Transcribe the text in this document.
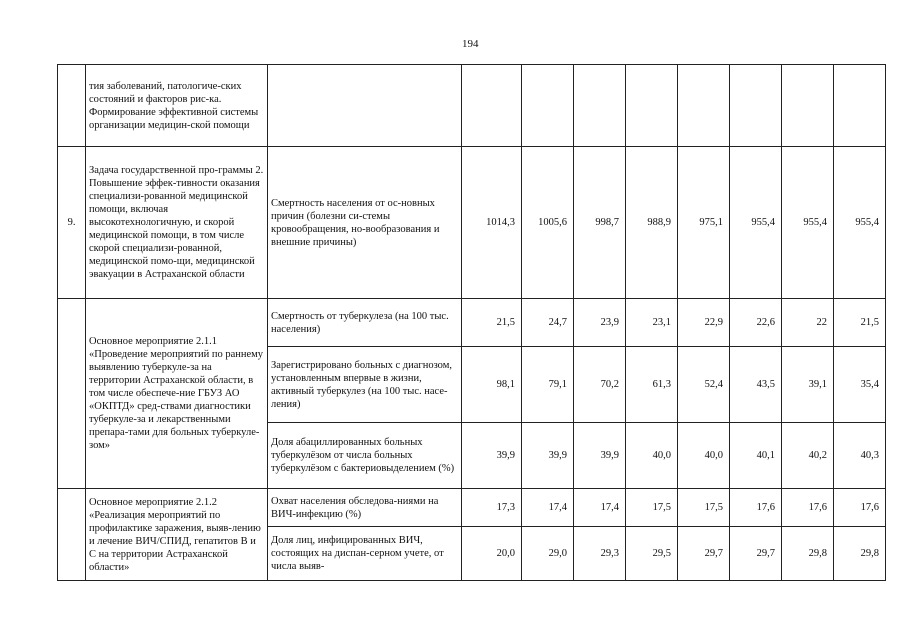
194
	тия заболеваний, патологиче-ских состояний и факторов рис-ка. Формирование эффективной системы организации медицин-ской помощи									
9.	Задача государственной про-граммы 2. Повышение эффек-тивности оказания специализи-рованной медицинской помощи, включая высокотехнологичную, и скорой медицинской помощи, в том числе скорой специализи-рованной, медицинской помо-щи, медицинской эвакуации в Астраханской области	Смертность населения от ос-новных причин (болезни си-стемы кровообращения, но-вообразования и внешние причины)	1014,3	1005,6	998,7	988,9	975,1	955,4	955,4	955,4
	Основное мероприятие 2.1.1 «Проведение мероприятий по раннему выявлению туберкуле-за на территории Астраханской области, в том числе обеспече-ние ГБУЗ АО «ОКПТД» сред-ствами диагностики туберкуле-за и лекарственными препара-тами для больных туберкуле-зом»	Смертность от туберкулеза (на 100 тыс. населения)	21,5	24,7	23,9	23,1	22,9	22,6	22	21,5
		Зарегистрировано больных с диагнозом, установленным впервые в жизни, активный туберкулез (на 100 тыс. насе-ления)	98,1	79,1	70,2	61,3	52,4	43,5	39,1	35,4
		Доля абациллированных больных туберкулёзом от числа больных туберкулёзом с бактериовыделением (%)	39,9	39,9	39,9	40,0	40,0	40,1	40,2	40,3
	Основное мероприятие 2.1.2 «Реализация мероприятий по профилактике заражения, выяв-лению и лечение ВИЧ/СПИД, гепатитов В и С на территории Астраханской области»	Охват населения обследова-ниями на ВИЧ-инфекцию (%)	17,3	17,4	17,4	17,5	17,5	17,6	17,6	17,6
		Доля лиц, инфицированных ВИЧ, состоящих на диспан-серном учете, от числа выяв-	20,0	29,0	29,3	29,5	29,7	29,7	29,8	29,8
